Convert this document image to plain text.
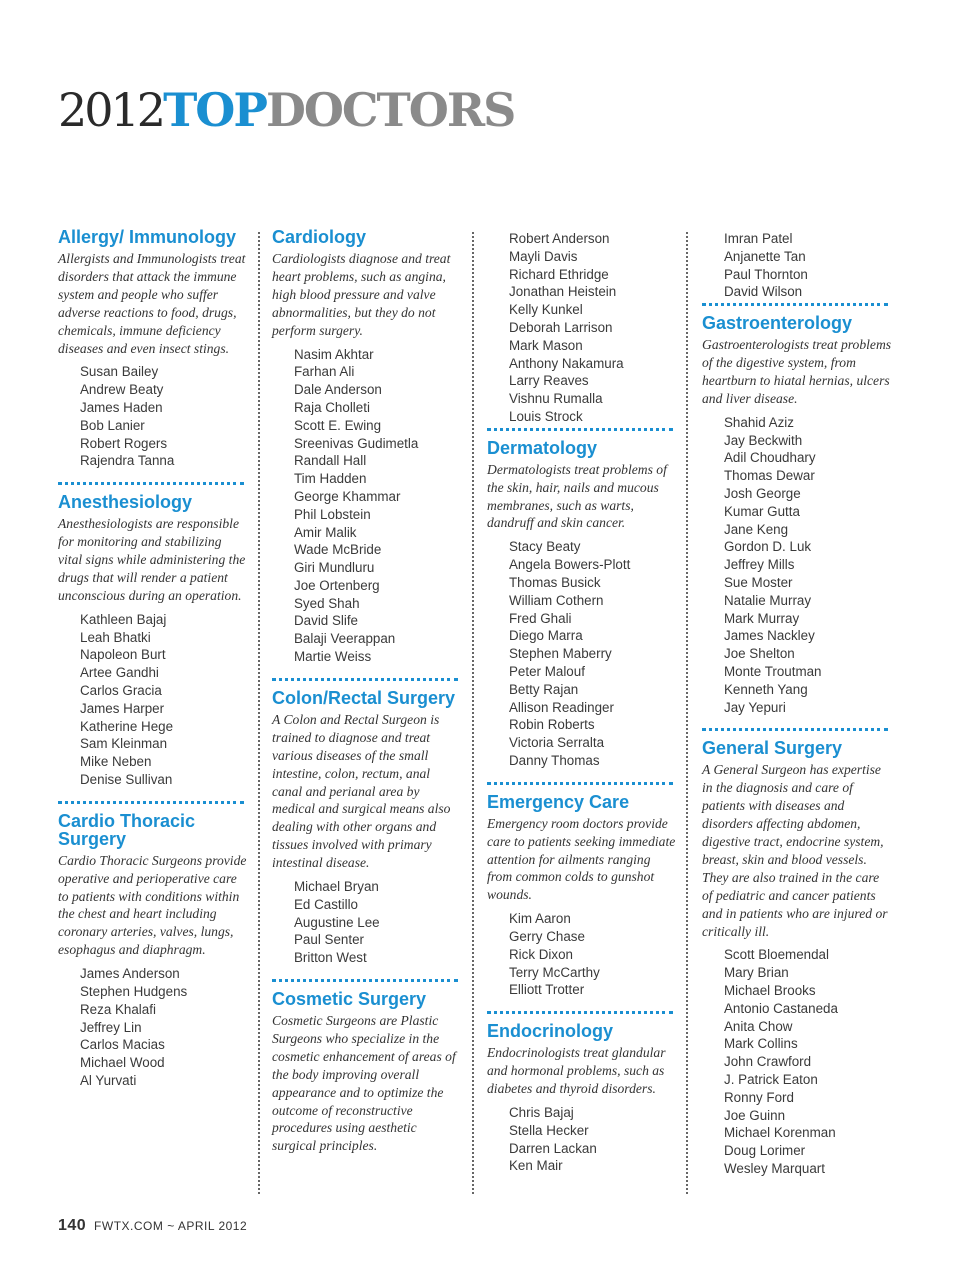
2012TOPDOCTORS
Allergy/ Immunology
Allergists and Immunologists treat disorders that attack the immune system and people who suffer adverse reactions to food, drugs, chemicals, immune deficiency diseases and even insect stings.
Susan Bailey
Andrew Beaty
James Haden
Bob Lanier
Robert Rogers
Rajendra Tanna
Anesthesiology
Anesthesiologists are responsible for monitoring and stabilizing vital signs while administering the drugs that will render a patient unconscious during an operation.
Kathleen Bajaj
Leah Bhatki
Napoleon Burt
Artee Gandhi
Carlos Gracia
James Harper
Katherine Hege
Sam Kleinman
Mike Neben
Denise Sullivan
Cardio Thoracic Surgery
Cardio Thoracic Surgeons provide operative and perioperative care to patients with conditions within the chest and heart including coronary arteries, valves, lungs, esophagus and diaphragm.
James Anderson
Stephen Hudgens
Reza Khalafi
Jeffrey Lin
Carlos Macias
Michael Wood
Al Yurvati
Cardiology
Cardiologists diagnose and treat heart problems, such as angina, high blood pressure and valve abnormalities, but they do not perform surgery.
Nasim Akhtar
Farhan Ali
Dale Anderson
Raja Cholleti
Scott E. Ewing
Sreenivas Gudimetla
Randall Hall
Tim Hadden
George Khammar
Phil Lobstein
Amir Malik
Wade McBride
Giri Mundluru
Joe Ortenberg
Syed Shah
David Slife
Balaji Veerappan
Martie Weiss
Colon/Rectal Surgery
A Colon and Rectal Surgeon is trained to diagnose and treat various diseases of the small intestine, colon, rectum, anal canal and perianal area by medical and surgical means also dealing with other organs and tissues involved with primary intestinal disease.
Michael Bryan
Ed Castillo
Augustine Lee
Paul Senter
Britton West
Cosmetic Surgery
Cosmetic Surgeons are Plastic Surgeons who specialize in the cosmetic enhancement of areas of the body improving overall appearance and to optimize the outcome of reconstructive procedures using aesthetic surgical principles.
Robert Anderson
Mayli Davis
Richard Ethridge
Jonathan Heistein
Kelly Kunkel
Deborah Larrison
Mark Mason
Anthony Nakamura
Larry Reaves
Vishnu Rumalla
Louis Strock
Dermatology
Dermatologists treat problems of the skin, hair, nails and mucous membranes, such as warts, dandruff and skin cancer.
Stacy Beaty
Angela Bowers-Plott
Thomas Busick
William Cothern
Fred Ghali
Diego Marra
Stephen Maberry
Peter Malouf
Betty Rajan
Allison Readinger
Robin Roberts
Victoria Serralta
Danny Thomas
Emergency Care
Emergency room doctors provide care to patients seeking immediate attention for ailments ranging from common colds to gunshot wounds.
Kim Aaron
Gerry Chase
Rick Dixon
Terry McCarthy
Elliott Trotter
Endocrinology
Endocrinologists treat glandular and hormonal problems, such as diabetes and thyroid disorders.
Chris Bajaj
Stella Hecker
Darren Lackan
Ken Mair
Imran Patel
Anjanette Tan
Paul Thornton
David Wilson
Gastroenterology
Gastroenterologists treat problems of the digestive system, from heartburn to hiatal hernias, ulcers and liver disease.
Shahid Aziz
Jay Beckwith
Adil Choudhary
Thomas Dewar
Josh George
Kumar Gutta
Jane Keng
Gordon D. Luk
Jeffrey Mills
Sue Moster
Natalie Murray
Mark Murray
James Nackley
Joe Shelton
Monte Troutman
Kenneth Yang
Jay Yepuri
General Surgery
A General Surgeon has expertise in the diagnosis and care of patients with diseases and disorders affecting abdomen, digestive tract, endocrine system, breast, skin and blood vessels. They are also trained in the care of pediatric and cancer patients and in patients who are injured or critically ill.
Scott Bloemendal
Mary Brian
Michael Brooks
Antonio Castaneda
Anita Chow
Mark Collins
John Crawford
J. Patrick Eaton
Ronny Ford
Joe Guinn
Michael Korenman
Doug Lorimer
Wesley Marquart
140 FWTX.COM ~ APRIL 2012
